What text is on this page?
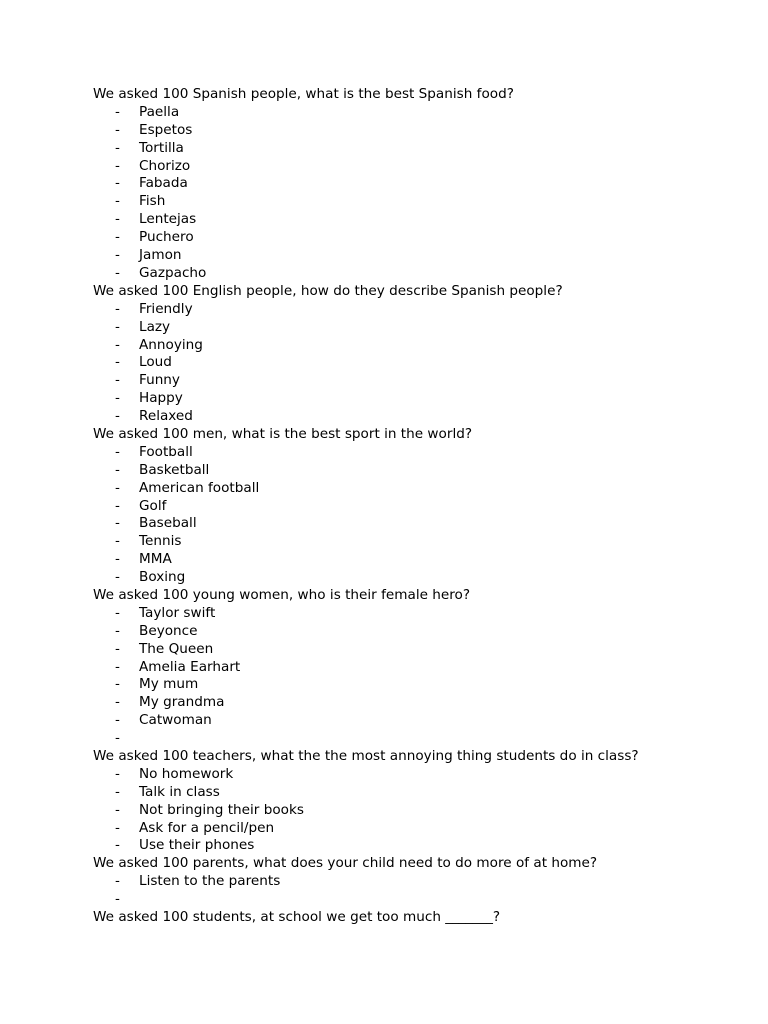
We asked 100 Spanish people, what is the best Spanish food?

- Paella
- Espetos
- Tortilla
- Chorizo
- Fabada
- Fish
- Lentejas
- Puchero
- Jamon
- Gazpacho

We asked 100 English people, how do they describe Spanish people?

- Friendly
- Lazy
- Annoying
- Loud
- Funny
- Happy
- Relaxed

We asked 100 men, what is the best sport in the world?

- Football
- Basketball
- American football
- Golf
- Baseball
- Tennis
- MMA
- Boxing

We asked 100 young women, who is their female hero?

- Taylor swift
- Beyonce
- The Queen
- Amelia Earhart
- My mum
- My grandma
- Catwoman
-

We asked 100 teachers, what the the most annoying thing students do in class?

- No homework
- Talk in class
- Not bringing their books
- Ask for a pencil/pen
- Use their phones

We asked 100 parents, what does your child need to do more of at home?

- Listen to the parents
-

We asked 100 students, at school we get too much _______?
